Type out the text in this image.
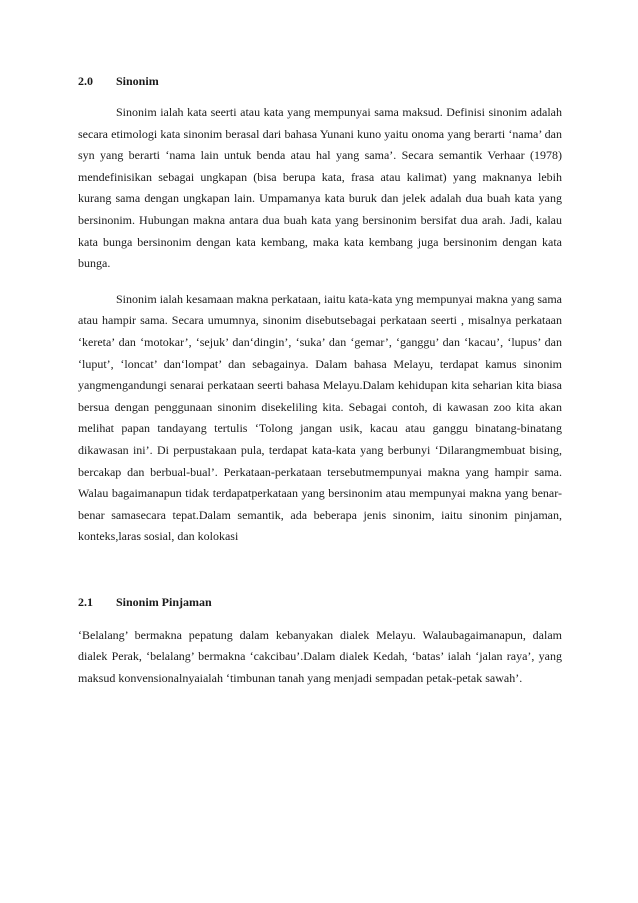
2.0	Sinonim

Sinonim ialah kata seerti atau kata yang mempunyai sama maksud. Definisi sinonim adalah secara etimologi kata sinonim berasal dari bahasa Yunani kuno yaitu onoma yang berarti ‘nama’ dan syn yang berarti ‘nama lain untuk benda atau hal yang sama’. Secara semantik Verhaar (1978) mendefinisikan sebagai ungkapan (bisa berupa kata, frasa atau kalimat) yang maknanya lebih kurang sama dengan ungkapan lain. Umpamanya kata buruk dan jelek adalah dua buah kata yang bersinonim. Hubungan makna antara dua buah kata yang bersinonim bersifat dua arah. Jadi, kalau kata bunga bersinonim dengan kata kembang, maka kata kembang juga bersinonim dengan kata bunga.

Sinonim ialah kesamaan makna perkataan, iaitu kata-kata yng mempunyai makna yang sama atau hampir sama. Secara umumnya, sinonim disebutsebagai perkataan seerti , misalnya perkataan ‘kereta’ dan ‘motokar’, ‘sejuk’ dan‘dingin’, ‘suka’ dan ‘gemar’, ‘ganggu’ dan ‘kacau’, ‘lupus’ dan ‘luput’, ‘loncat’ dan‘lompat’ dan sebagainya. Dalam bahasa Melayu, terdapat kamus sinonim yangmengandungi senarai perkataan seerti bahasa Melayu.Dalam kehidupan kita seharian kita biasa bersua dengan penggunaan sinonim disekeliling kita. Sebagai contoh, di kawasan zoo kita akan melihat papan tandayang tertulis ‘Tolong jangan usik, kacau atau ganggu binatang-binatang dikawasan ini’. Di perpustakaan pula, terdapat kata-kata yang berbunyi ‘Dilarangmembuat bising, bercakap dan berbual-bual’. Perkataan-perkataan tersebutmempunyai makna yang hampir sama. Walau bagaimanapun tidak terdapatperkataan yang bersinonim atau mempunyai makna yang benar-benar samasecara tepat.Dalam semantik, ada beberapa jenis sinonim, iaitu sinonim pinjaman, konteks,laras sosial, dan kolokasi

2.1	Sinonim Pinjaman

‘Belalang’ bermakna pepatung dalam kebanyakan dialek Melayu. Walaubagaimanapun, dalam dialek Perak, ‘belalang’ bermakna ‘cakcibau’.Dalam dialek Kedah, ‘batas’ ialah ‘jalan raya’, yang maksud konvensionalnyaialah ‘timbunan tanah yang menjadi sempadan petak-petak sawah’.
